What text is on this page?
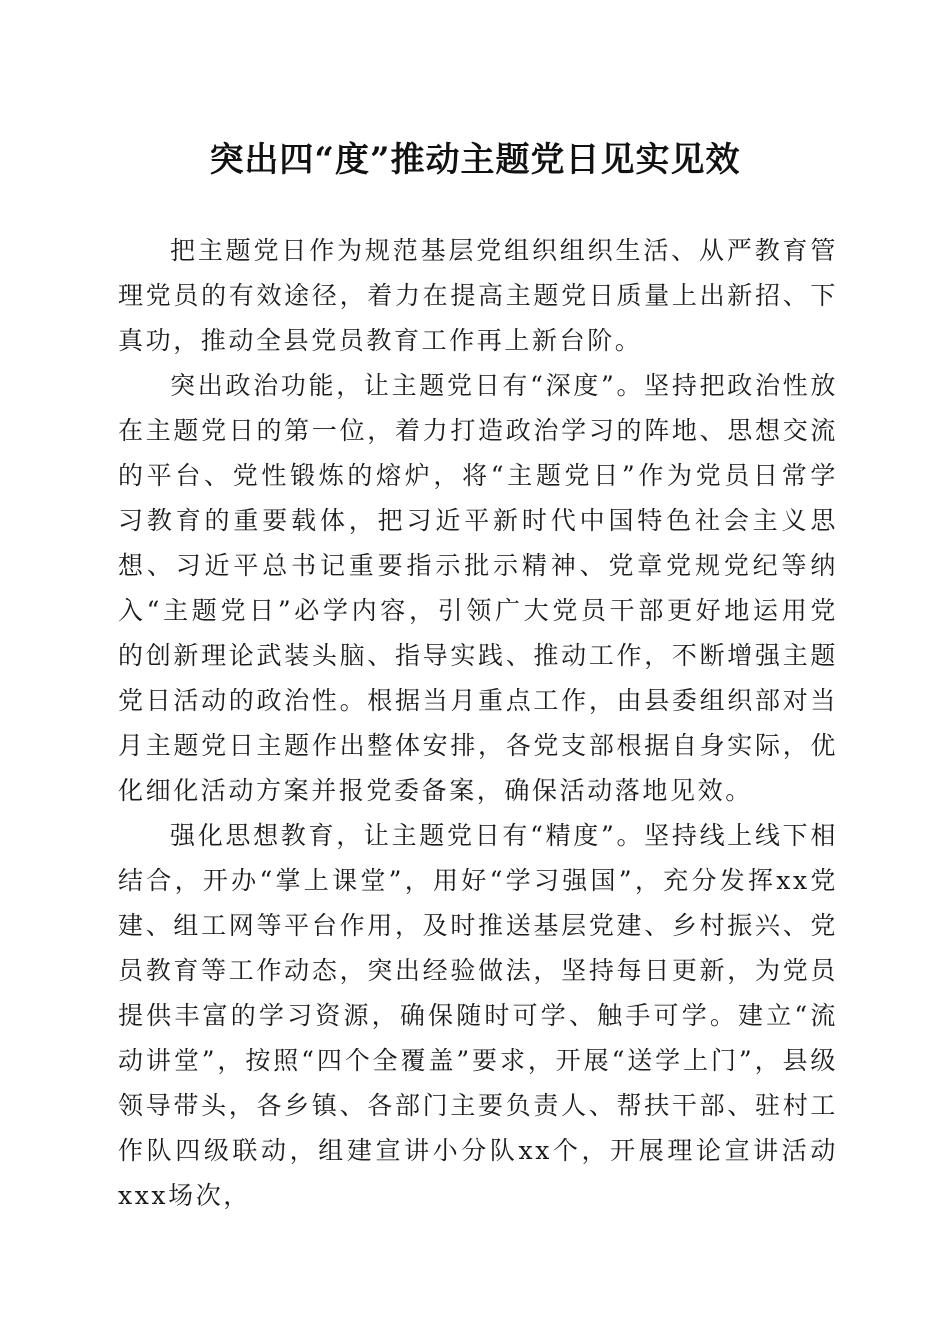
突出四“度”推动主题党日见实见效

把主题党日作为规范基层党组织组织生活、从严教育管理党员的有效途径，着力在提高主题党日质量上出新招、下真功，推动全县党员教育工作再上新台阶。

突出政治功能，让主题党日有“深度”。坚持把政治性放在主题党日的第一位，着力打造政治学习的阵地、思想交流的平台、党性锻炼的熔炉，将“主题党日”作为党员日常学习教育的重要载体，把习近平新时代中国特色社会主义思想、习近平总书记重要指示批示精神、党章党规党纪等纳入“主题党日”必学内容，引领广大党员干部更好地运用党的创新理论武装头脑、指导实践、推动工作，不断增强主题党日活动的政治性。根据当月重点工作，由县委组织部对当月主题党日主题作出整体安排，各党支部根据自身实际，优化细化活动方案并报党委备案，确保活动落地见效。

强化思想教育，让主题党日有“精度”。坚持线上线下相结合，开办“掌上课堂”，用好“学习强国”，充分发挥xx党建、组工网等平台作用，及时推送基层党建、乡村振兴、党员教育等工作动态，突出经验做法，坚持每日更新，为党员提供丰富的学习资源，确保随时可学、触手可学。建立“流动讲堂”，按照“四个全覆盖”要求，开展“送学上门”，县级领导带头，各乡镇、各部门主要负责人、帮扶干部、驻村工作队四级联动，组建宣讲小分队xx个，开展理论宣讲活动xxx场次，
